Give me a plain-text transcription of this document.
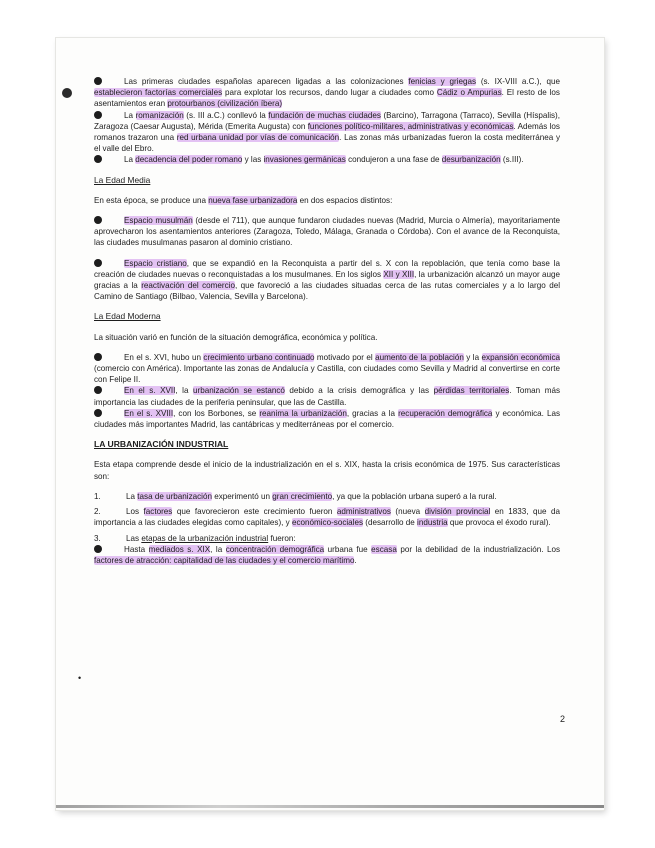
Las primeras ciudades españolas aparecen ligadas a las colonizaciones fenicias y griegas (s. IX-VIII a.C.), que establecieron factorías comerciales para explotar los recursos, dando lugar a ciudades como Cádiz o Ampurias. El resto de los asentamientos eran protourbanos (civilización íbera)
La romanización (s. III a.C.) conllevó la fundación de muchas ciudades (Barcino), Tarragona (Tarraco), Sevilla (Híspalis), Zaragoza (Caesar Augusta), Mérida (Emerita Augusta) con funciones político-militares, administrativas y económicas. Además los romanos trazaron una red urbana unidad por vías de comunicación. Las zonas más urbanizadas fueron la costa mediterránea y el valle del Ebro.
La decadencia del poder romano y las invasiones germánicas condujeron a una fase de desurbanización (s.III).

La Edad Media

En esta época, se produce una nueva fase urbanizadora en dos espacios distintos:
Espacio musulmán (desde el 711), que aunque fundaron ciudades nuevas (Madrid, Murcia o Almería), mayoritariamente aprovecharon los asentamientos anteriores (Zaragoza, Toledo, Málaga, Granada o Córdoba). Con el avance de la Reconquista, las ciudades musulmanas pasaron al dominio cristiano.
Espacio cristiano, que se expandió en la Reconquista a partir del s. X con la repoblación, que tenía como base la creación de ciudades nuevas o reconquistadas a los musulmanes. En los siglos XII y XIII, la urbanización alcanzó un mayor auge gracias a la reactivación del comercio, que favoreció a las ciudades situadas cerca de las rutas comerciales y a lo largo del Camino de Santiago (Bilbao, Valencia, Sevilla y Barcelona).

La Edad Moderna

La situación varió en función de la situación demográfica, económica y política.
En el s. XVI, hubo un crecimiento urbano continuado motivado por el aumento de la población y la expansión económica (comercio con América). Importante las zonas de Andalucía y Castilla, con ciudades como Sevilla y Madrid al convertirse en corte con Felipe II.
En el s. XVII, la urbanización se estancó debido a la crisis demográfica y las pérdidas territoriales. Toman más importancia las ciudades de la periferia peninsular, que las de Castilla.
En el s. XVIII, con los Borbones, se reanima la urbanización, gracias a la recuperación demográfica y económica. Las ciudades más importantes Madrid, las cantábricas y mediterráneas por el comercio.

LA URBANIZACIÓN INDUSTRIAL

Esta etapa comprende desde el inicio de la industrialización en el s. XIX, hasta la crisis económica de 1975. Sus características son:
1.	La tasa de urbanización experimentó un gran crecimiento, ya que la población urbana superó a la rural.
2.	Los factores que favorecieron este crecimiento fueron administrativos (nueva división provincial en 1833, que da importancia a las ciudades elegidas como capitales), y económico-sociales (desarrollo de industria que provoca el éxodo rural).
3.	Las etapas de la urbanización industrial fueron:
Hasta mediados s. XIX, la concentración demográfica urbana fue escasa por la debilidad de la industrialización. Los factores de atracción: capitalidad de las ciudades y el comercio marítimo.
•
2
